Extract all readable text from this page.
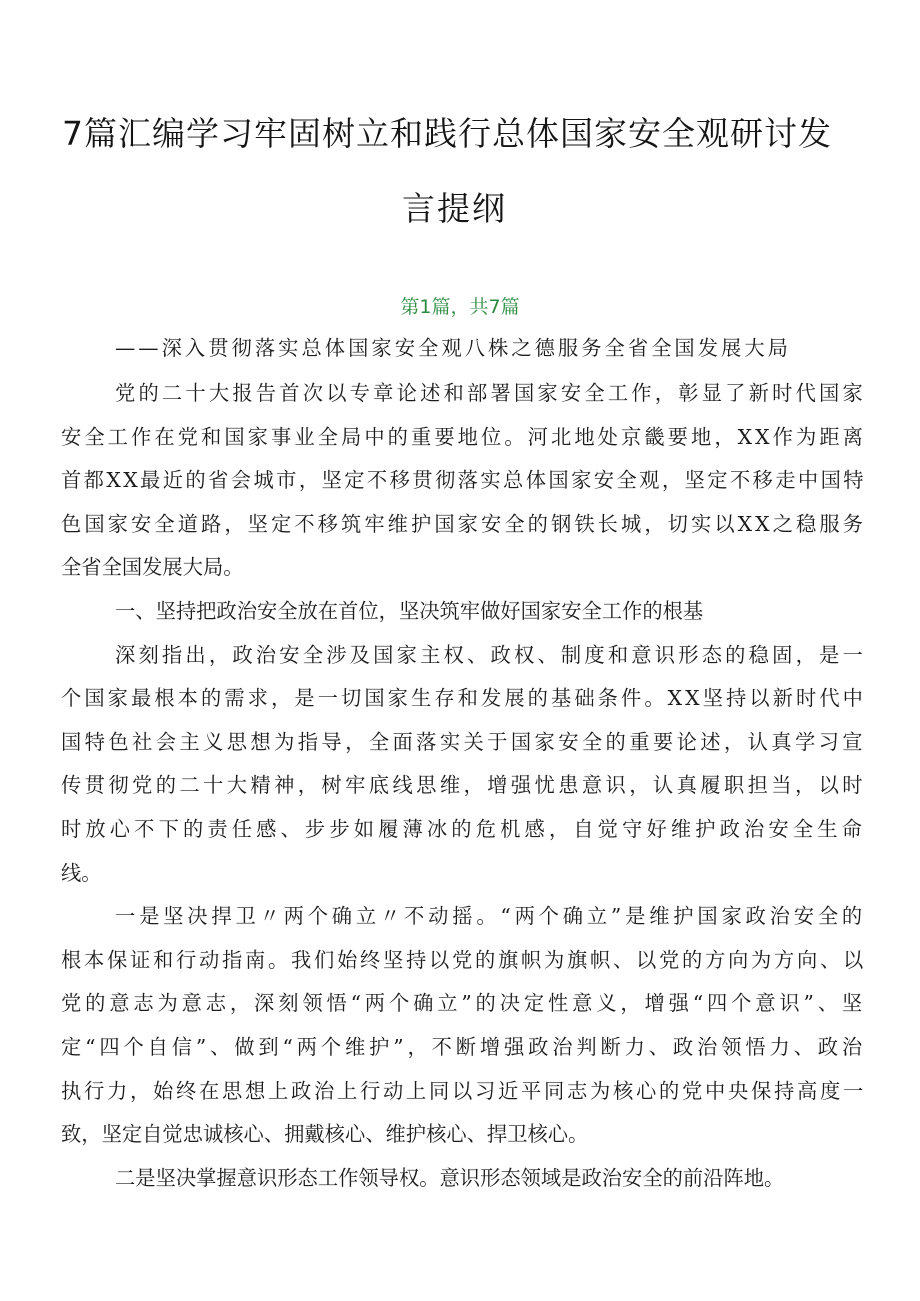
7篇汇编学习牢固树立和践行总体国家安全观研讨发
言提纲
第1篇，共7篇
——深入贯彻落实总体国家安全观八株之德服务全省全国发展大局
党的二十大报告首次以专章论述和部署国家安全工作，彰显了新时代国家
安全工作在党和国家事业全局中的重要地位。河北地处京畿要地，XX作为距离
首都XX最近的省会城市，坚定不移贯彻落实总体国家安全观，坚定不移走中国特
色国家安全道路，坚定不移筑牢维护国家安全的钢铁长城，切实以XX之稳服务
全省全国发展大局。
一、坚持把政治安全放在首位，坚决筑牢做好国家安全工作的根基
深刻指出，政治安全涉及国家主权、政权、制度和意识形态的稳固，是一
个国家最根本的需求，是一切国家生存和发展的基础条件。XX坚持以新时代中
国特色社会主义思想为指导，全面落实关于国家安全的重要论述，认真学习宣
传贯彻党的二十大精神，树牢底线思维，增强忧患意识，认真履职担当，以时
时放心不下的责任感、步步如履薄冰的危机感，自觉守好维护政治安全生命
线。
一是坚决捍卫〃两个确立〃不动摇。“两个确立”是维护国家政治安全的
根本保证和行动指南。我们始终坚持以党的旗帜为旗帜、以党的方向为方向、以
党的意志为意志，深刻领悟“两个确立”的决定性意义，增强“四个意识”、坚
定“四个自信”、做到“两个维护”，不断增强政治判断力、政治领悟力、政治
执行力，始终在思想上政治上行动上同以习近平同志为核心的党中央保持高度一
致，坚定自觉忠诚核心、拥戴核心、维护核心、捍卫核心。
二是坚决掌握意识形态工作领导权。意识形态领域是政治安全的前沿阵地。
